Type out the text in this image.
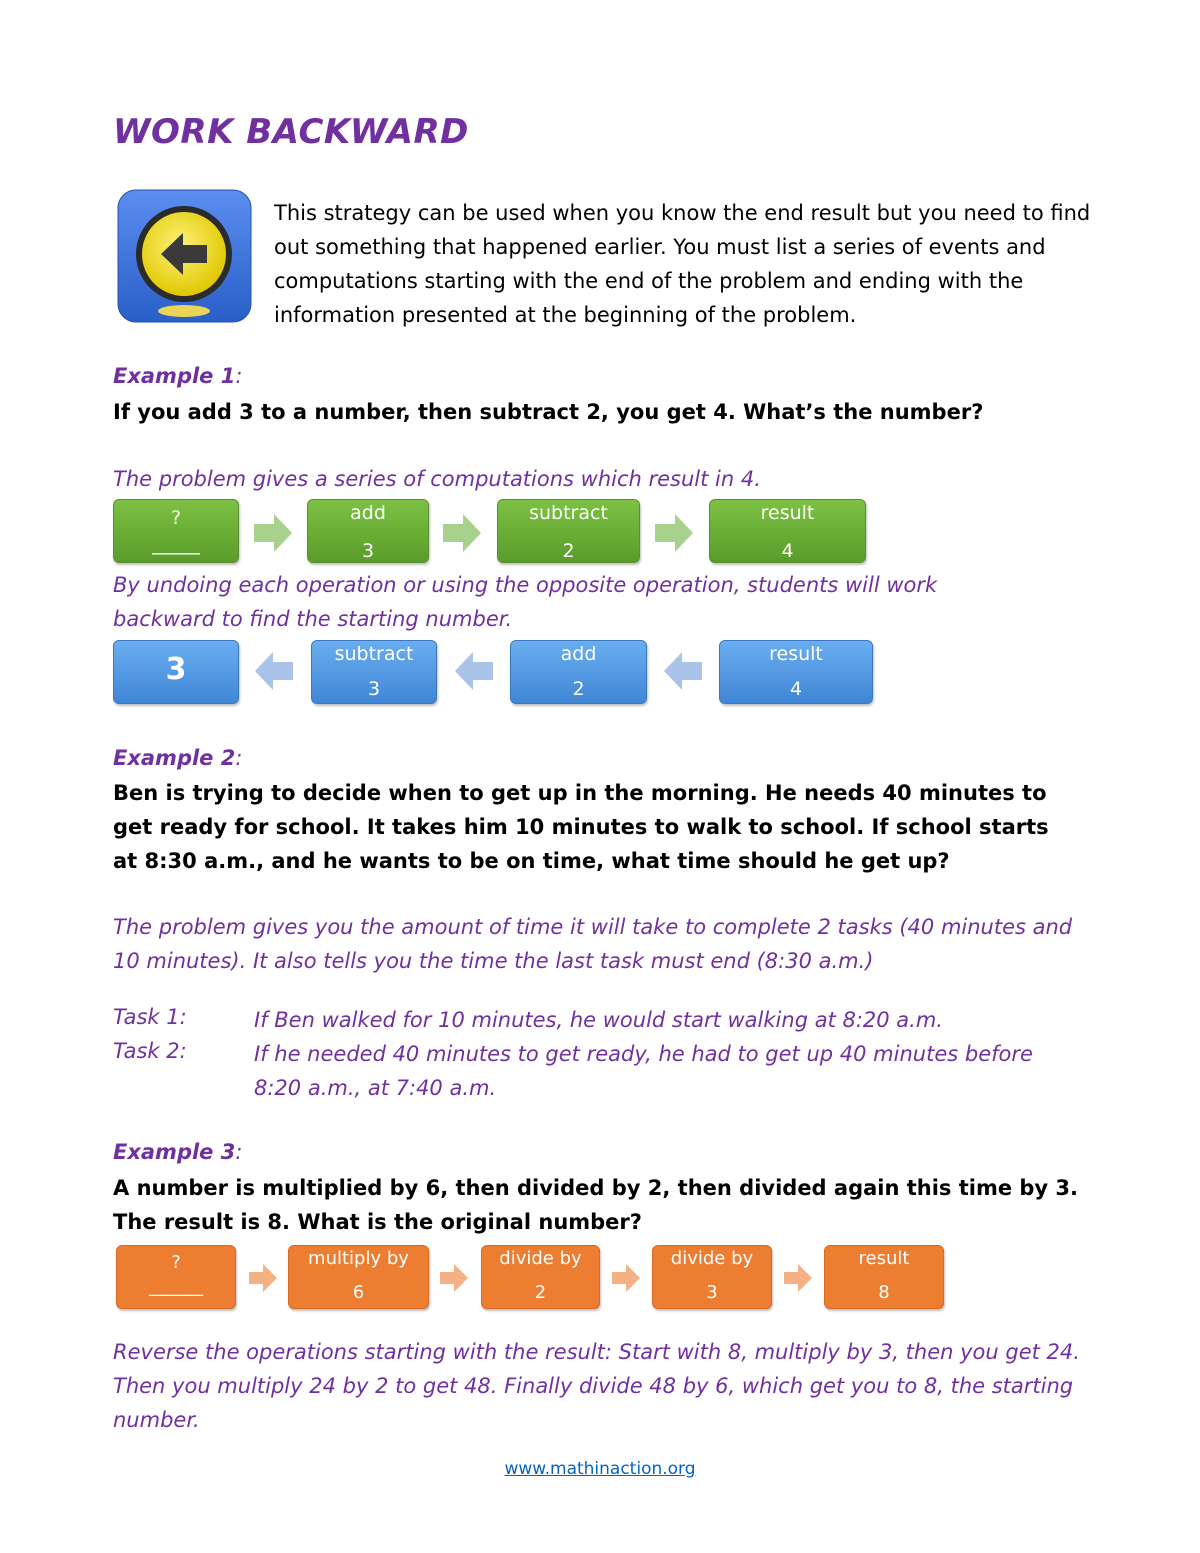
WORK BACKWARD
This strategy can be used when you know the end result but you need to find out something that happened earlier. You must list a series of events and computations starting with the end of the problem and ending with the information presented at the beginning of the problem.
Example 1:
If you add 3 to a number, then subtract 2, you get 4. What’s the number?
The problem gives a series of computations which result in 4.
?
_____
add
3
subtract
2
result
4
By undoing each operation or using the opposite operation, students will work backward to find the starting number.
3	subtract
3
add
2
result
4
Example 2:
Ben is trying to decide when to get up in the morning. He needs 40 minutes to get ready for school. It takes him 10 minutes to walk to school. If school starts at 8:30 a.m., and he wants to be on time, what time should he get up?
The problem gives you the amount of time it will take to complete 2 tasks (40 minutes and 10 minutes). It also tells you the time the last task must end (8:30 a.m.)
Task 1:	If Ben walked for 10 minutes, he would start walking at 8:20 a.m.
Task 2:	If he needed 40 minutes to get ready, he had to get up 40 minutes before 8:20 a.m., at 7:40 a.m.
Example 3:
A number is multiplied by 6, then divided by 2, then divided again this time by 3. The result is 8. What is the original number?
?
______
multiply by
6
divide by
2
divide by
3
result
8
Reverse the operations starting with the result: Start with 8, multiply by 3, then you get 24. Then you multiply 24 by 2 to get 48. Finally divide 48 by 6, which get you to 8, the starting number.
www.mathinaction.org
